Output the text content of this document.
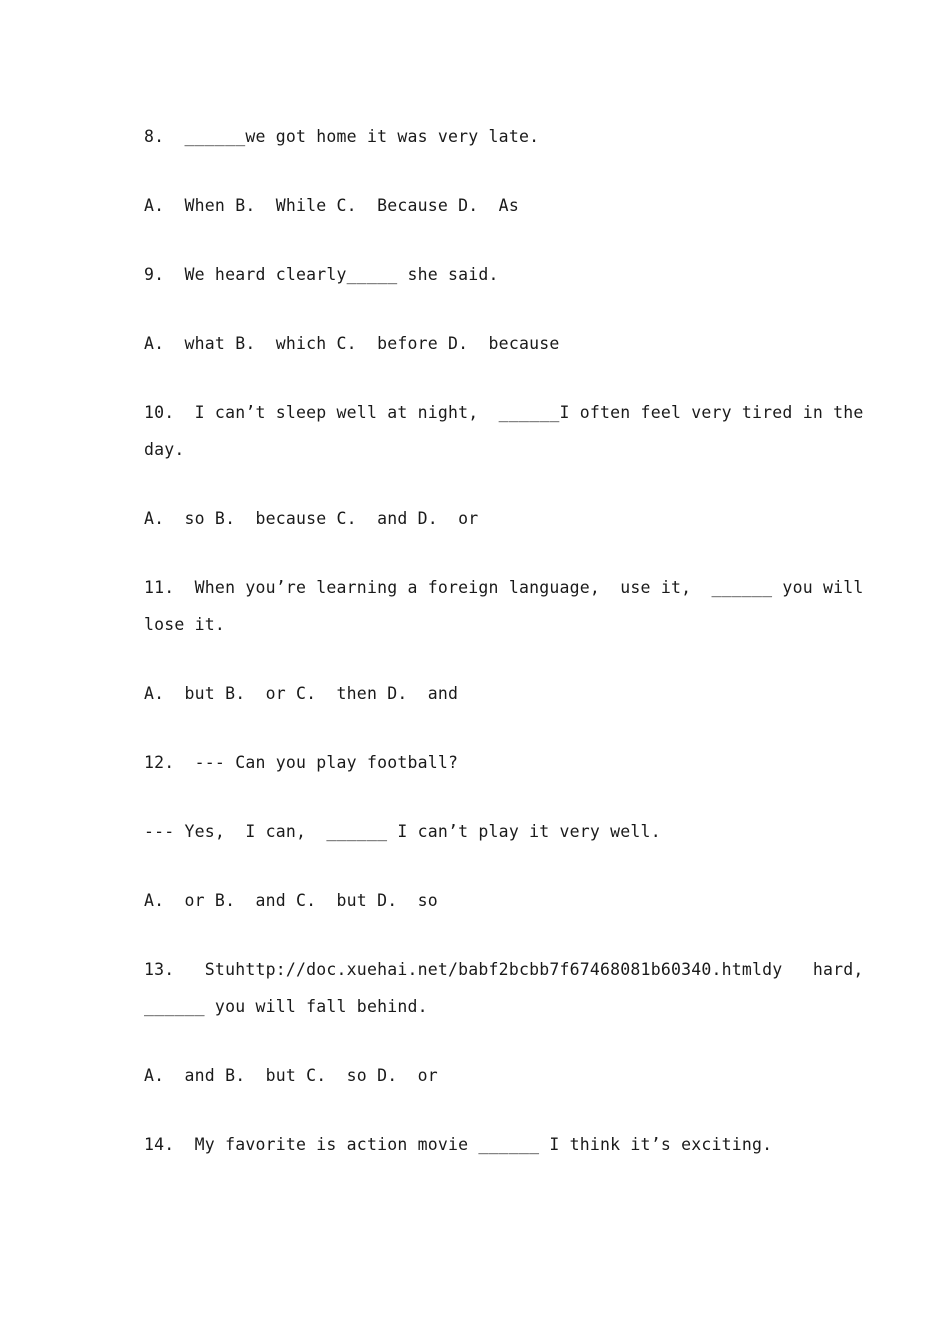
8.  ______we got home it was very late.
A.  When B.  While C.  Because D.  As
9.  We heard clearly_____ she said.
A.  what B.  which C.  before D.  because
10.  I can’t sleep well at night,  ______I often feel very tired in the
day.
A.  so B.  because C.  and D.  or
11.  When you’re learning a foreign language,  use it,  ______ you will
lose it.
A.  but B.  or C.  then D.  and
12.  --- Can you play football?
--- Yes,  I can,  ______ I can’t play it very well.
A.  or B.  and C.  but D.  so
13.   Stuhttp://doc.xuehai.net/babf2bcbb7f67468081b60340.htmldy   hard,
______ you will fall behind.
A.  and B.  but C.  so D.  or
14.  My favorite is action movie ______ I think it’s exciting.
